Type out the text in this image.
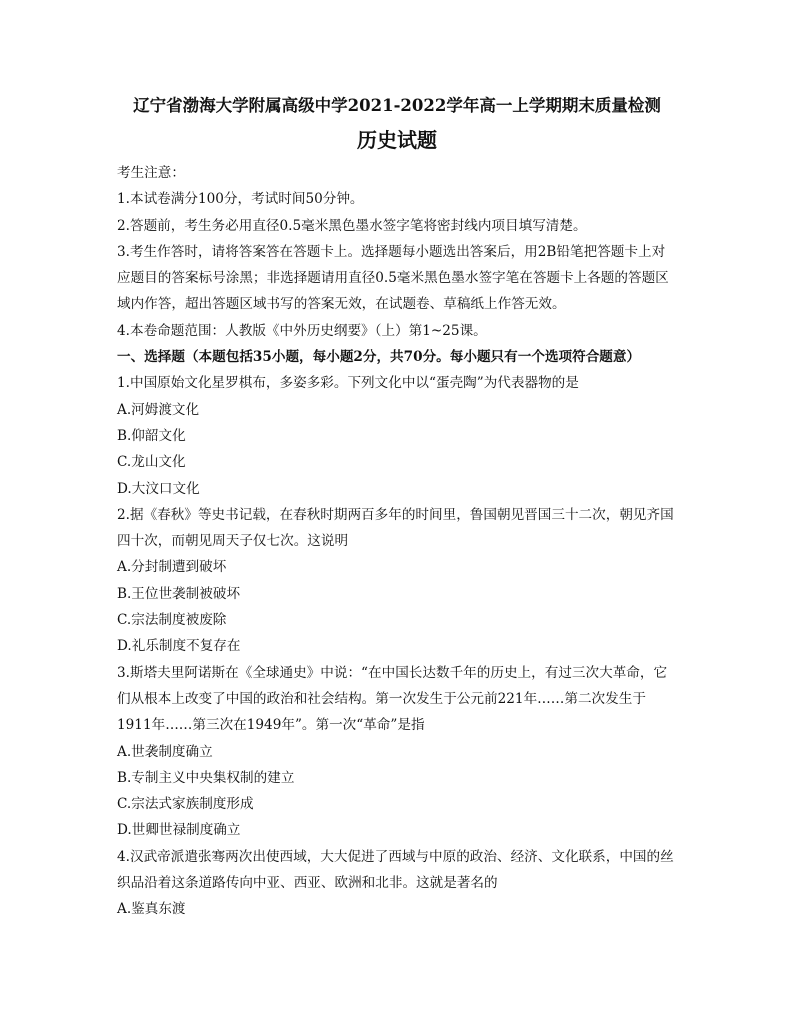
辽宁省渤海大学附属高级中学2021-2022学年高一上学期期末质量检测
历史试题
考生注意：
1.本试卷满分100分，考试时间50分钟。
2.答题前，考生务必用直径0.5毫米黑色墨水签字笔将密封线内项目填写清楚。
3.考生作答时，请将答案答在答题卡上。选择题每小题选出答案后，用2B铅笔把答题卡上对
应题目的答案标号涂黑；非选择题请用直径0.5毫米黑色墨水签字笔在答题卡上各题的答题区
域内作答，超出答题区域书写的答案无效，在试题卷、草稿纸上作答无效。
4.本卷命题范围：人教版《中外历史纲要》（上）第1~25课。
一、选择题（本题包括35小题，每小题2分，共70分。每小题只有一个选项符合题意）
1.中国原始文化星罗棋布，多姿多彩。下列文化中以“蛋壳陶”为代表器物的是
A.河姆渡文化
B.仰韶文化
C.龙山文化
D.大汶口文化
2.据《春秋》等史书记载，在春秋时期两百多年的时间里，鲁国朝见晋国三十二次，朝见齐国
四十次，而朝见周天子仅七次。这说明
A.分封制遭到破坏
B.王位世袭制被破坏
C.宗法制度被废除
D.礼乐制度不复存在
3.斯塔夫里阿诺斯在《全球通史》中说：“在中国长达数千年的历史上，有过三次大革命，它
们从根本上改变了中国的政治和社会结构。第一次发生于公元前221年……第二次发生于
1911年……第三次在1949年”。第一次“革命”是指
A.世袭制度确立
B.专制主义中央集权制的建立
C.宗法式家族制度形成
D.世卿世禄制度确立
4.汉武帝派遣张骞两次出使西域，大大促进了西域与中原的政治、经济、文化联系，中国的丝
织品沿着这条道路传向中亚、西亚、欧洲和北非。这就是著名的
A.鉴真东渡
